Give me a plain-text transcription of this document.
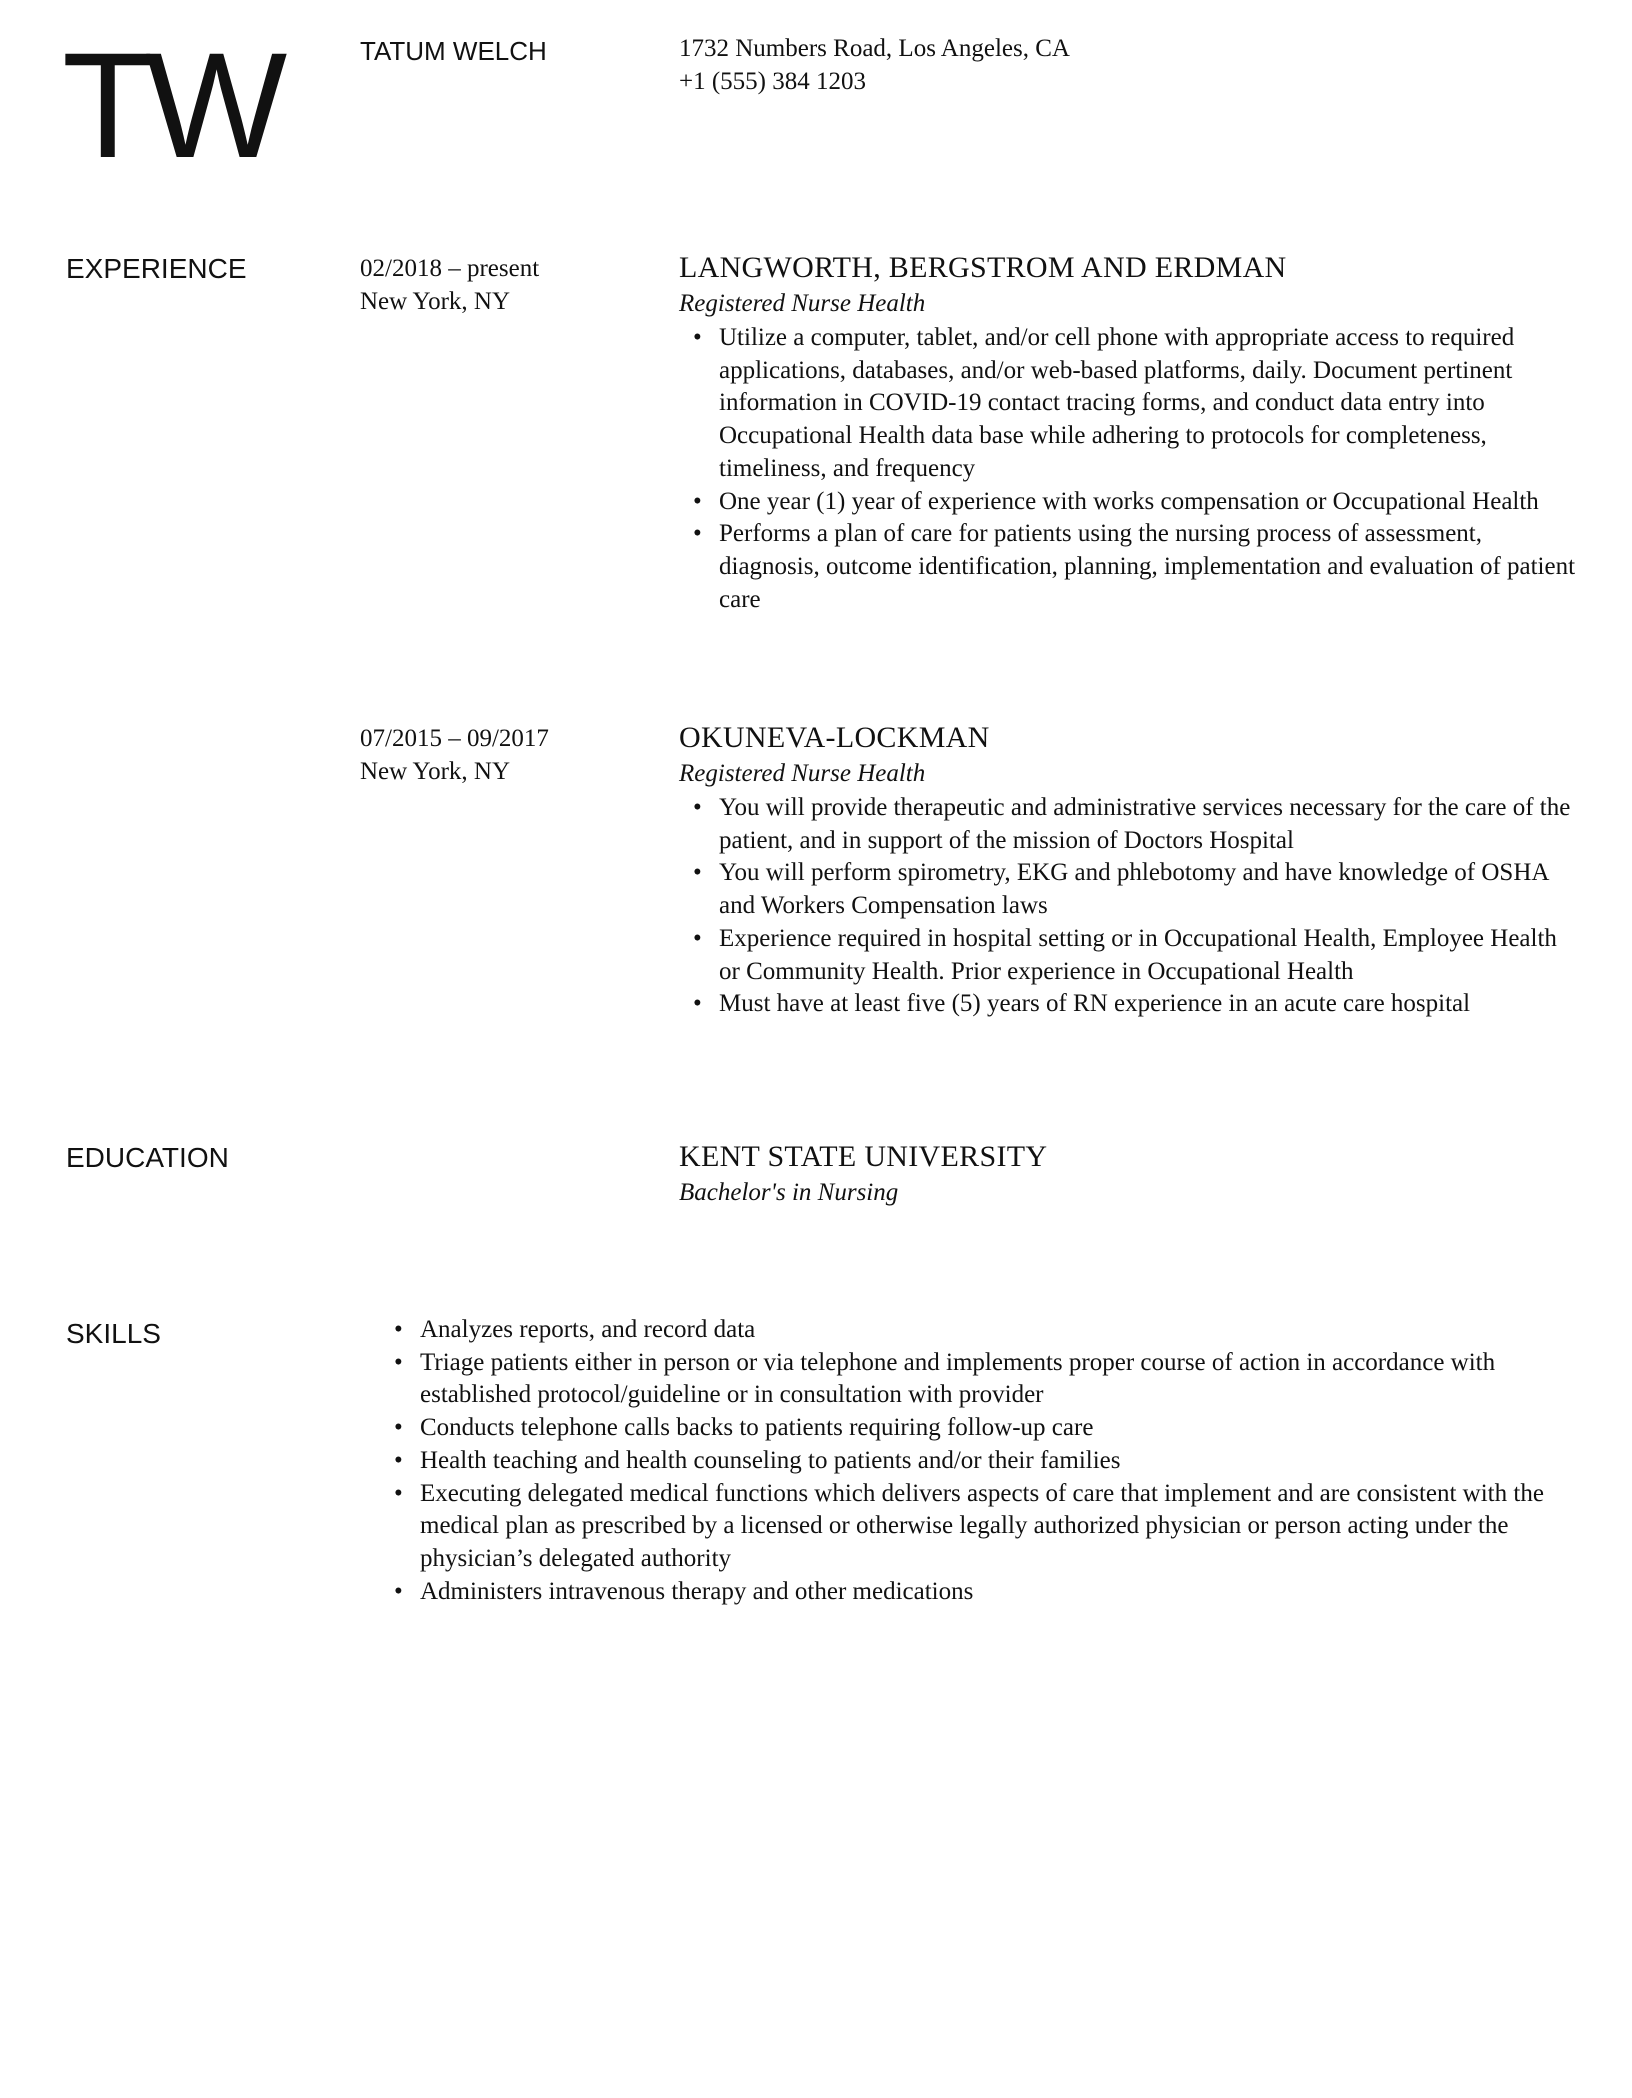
TW	TATUM WELCH	1732 Numbers Road, Los Angeles, CA
+1 (555) 384 1203
EXPERIENCE	02/2018 – present
New York, NY
LANGWORTH, BERGSTROM AND ERDMAN
Registered Nurse Health
• Utilize a computer, tablet, and/or cell phone with appropriate access to required applications, databases, and/or web-based platforms, daily. Document pertinent information in COVID-19 contact tracing forms, and conduct data entry into Occupational Health data base while adhering to protocols for completeness, timeliness, and frequency
• One year (1) year of experience with works compensation or Occupational Health
• Performs a plan of care for patients using the nursing process of assessment, diagnosis, outcome identification, planning, implementation and evaluation of patient care
07/2015 – 09/2017
New York, NY
OKUNEVA-LOCKMAN
Registered Nurse Health
• You will provide therapeutic and administrative services necessary for the care of the patient, and in support of the mission of Doctors Hospital
• You will perform spirometry, EKG and phlebotomy and have knowledge of OSHA and Workers Compensation laws
• Experience required in hospital setting or in Occupational Health, Employee Health or Community Health. Prior experience in Occupational Health
• Must have at least five (5) years of RN experience in an acute care hospital
EDUCATION	KENT STATE UNIVERSITY
Bachelor's in Nursing
SKILLS	• Analyzes reports, and record data
• Triage patients either in person or via telephone and implements proper course of action in accordance with established protocol/guideline or in consultation with provider
• Conducts telephone calls backs to patients requiring follow-up care
• Health teaching and health counseling to patients and/or their families
• Executing delegated medical functions which delivers aspects of care that implement and are consistent with the medical plan as prescribed by a licensed or otherwise legally authorized physician or person acting under the physician’s delegated authority
• Administers intravenous therapy and other medications
